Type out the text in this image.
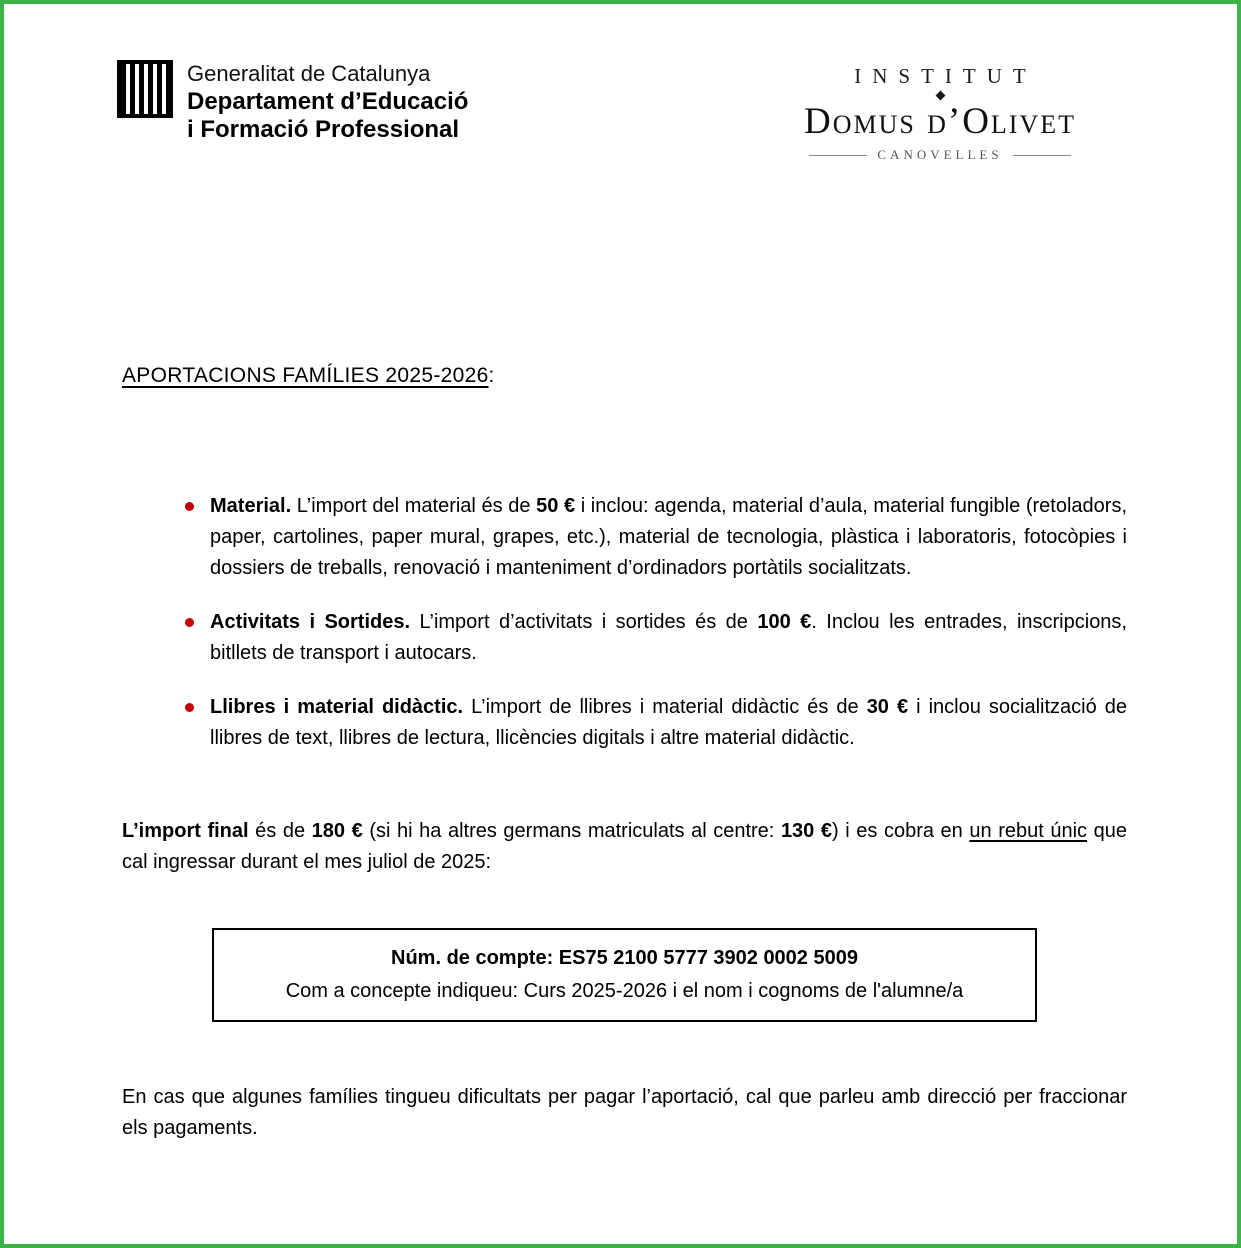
Generalitat de Catalunya
Departament d’Educació
i Formació Professional
INSTITUT
Domus d’Olivet
CANOVELLES
APORTACIONS FAMÍLIES 2025-2026:

Material. L’import del material és de 50 € i inclou: agenda, material d’aula, material fungible (retoladors, paper, cartolines, paper mural, grapes, etc.), material de tecnologia, plàstica i laboratoris, fotocòpies i dossiers de treballs, renovació i manteniment d’ordinadors portàtils socialitzats.

Activitats i Sortides. L’import d’activitats i sortides és de 100 €. Inclou les entrades, inscripcions, bitllets de transport i autocars.

Llibres i material didàctic. L’import de llibres i material didàctic és de 30 € i inclou socialització de llibres de text, llibres de lectura, llicències digitals i altre material didàctic.

L’import final és de 180 € (si hi ha altres germans matriculats al centre: 130 €) i es cobra en un rebut únic que cal ingressar durant el mes juliol de 2025:

Núm. de compte: ES75 2100 5777 3902 0002 5009
Com a concepte indiqueu: Curs 2025-2026 i el nom i cognoms de l'alumne/a

En cas que algunes famílies tingueu dificultats per pagar l’aportació, cal que parleu amb direcció per fraccionar els pagaments.
